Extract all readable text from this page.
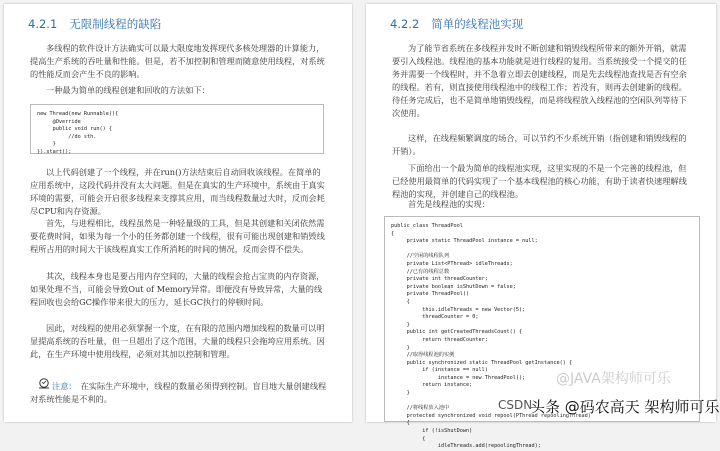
4.2.1 无限制线程的缺陷

多线程的软件设计方法确实可以最大限度地发挥现代多核处理器的计算能力，提高生产系统的吞吐量和性能。但是，若不加控制和管理而随意使用线程，对系统的性能反而会产生不良的影响。

一种最为简单的线程创建和回收的方法如下：

new Thread(new Runnable(){
@Override
public void run() {
//do sth.
}
}).start();

以上代码创建了一个线程，并在run()方法结束后自动回收该线程。在简单的应用系统中，这段代码并没有太大问题。但是在真实的生产环境中，系统由于真实环境的需要，可能会开启很多线程来支撑其应用，而当线程数量过大时，反而会耗尽CPU和内存资源。

首先，与进程相比，线程虽然是一种轻量级的工具，但是其创建和关闭依然需要花费时间，如果为每一个小的任务都创建一个线程，很有可能出现创建和销毁线程所占用的时间大于该线程真实工作所消耗的时间的情况，反而会得不偿失。

其次，线程本身也是要占用内存空间的，大量的线程会抢占宝贵的内存资源，如果处理不当，可能会导致Out of Memory异常。即便没有导致异常，大量的线程回收也会给GC操作带来很大的压力，延长GC执行的停顿时间。

因此，对线程的使用必须掌握一个度，在有限的范围内增加线程的数量可以明显提高系统的吞吐量，但一旦超出了这个范围，大量的线程只会拖垮应用系统。因此，在生产环境中使用线程，必须对其加以控制和管理。

注意： 在实际生产环境中，线程的数量必须得到控制。盲目地大量创建线程对系统性能是不利的。
4.2.2 简单的线程池实现

为了能节省系统在多线程并发时不断创建和销毁线程所带来的额外开销，就需要引入线程池。线程池的基本功能就是进行线程的复用。当系统接受一个提交的任务并需要一个线程时，并不急着立即去创建线程，而是先去线程池查找是否有空余的线程。若有，则直接使用线程池中的线程工作；若没有，则再去创建新的线程。待任务完成后，也不是简单地销毁线程，而是将线程放入线程池的空闲队列等待下次使用。

这样，在线程频繁调度的场合，可以节约不少系统开销（指创建和销毁线程的开销）。

下面给出一个最为简单的线程池实现，这里实现的不是一个完善的线程池，但已经使用最简单的代码实现了一个基本线程池的核心功能，有助于读者快速理解线程池的实现，并创建自己的线程池。

首先是线程池的实现：

public class ThreadPool
{
private static ThreadPool instance = null;

//空闲的线程队列
private List<PThread> idleThreads;
//已有的线程总数
private int threadCounter;
private boolean isShutDown = false;
private ThreadPool()
{
this.idleThreads = new Vector(5);
threadCounter = 0;
}
public int getCreatedThreadsCount() {
return threadCounter;
}
//取得线程池的实例
public synchronized static ThreadPool getInstance() {
if (instance == null)
instance = new ThreadPool();
return instance;
}

//将线程放入池中
protected synchronized void repool(PThread repoolingThread)
{
if (!isShutDown)
{
idleThreads.add(repoolingThread);
@JAVA架构师可乐
CSDN
头条 @码农高天 架构师可乐
